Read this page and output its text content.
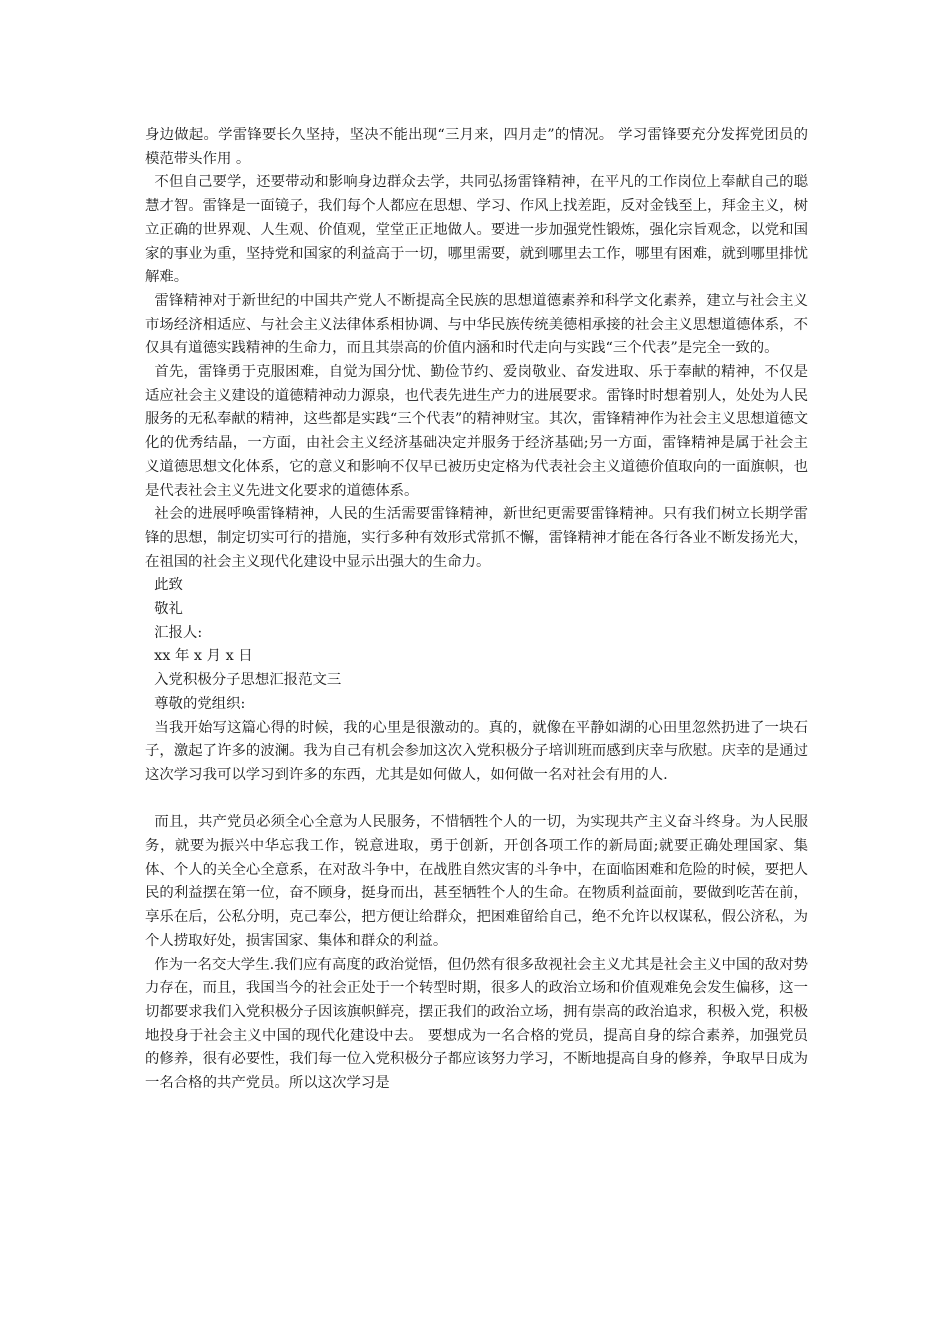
身边做起。学雷锋要长久坚持，坚决不能出现“三月来，四月走”的情况。 学习雷锋要充分发挥党团员的模范带头作用 。

不但自己要学，还要带动和影响身边群众去学，共同弘扬雷锋精神，在平凡的工作岗位上奉献自己的聪慧才智。雷锋是一面镜子，我们每个人都应在思想、学习、作风上找差距，反对金钱至上，拜金主义，树立正确的世界观、人生观、价值观，堂堂正正地做人。要进一步加强党性锻炼，强化宗旨观念，以党和国家的事业为重，坚持党和国家的利益高于一切，哪里需要，就到哪里去工作，哪里有困难，就到哪里排忧解难。

雷锋精神对于新世纪的中国共产党人不断提高全民族的思想道德素养和科学文化素养，建立与社会主义市场经济相适应、与社会主义法律体系相协调、与中华民族传统美德相承接的社会主义思想道德体系，不仅具有道德实践精神的生命力，而且其崇高的价值内涵和时代走向与实践“三个代表”是完全一致的。

首先，雷锋勇于克服困难，自觉为国分忧、勤俭节约、爱岗敬业、奋发进取、乐于奉献的精神，不仅是适应社会主义建设的道德精神动力源泉，也代表先进生产力的进展要求。雷锋时时想着别人，处处为人民服务的无私奉献的精神，这些都是实践“三个代表”的精神财宝。其次，雷锋精神作为社会主义思想道德文化的优秀结晶，一方面，由社会主义经济基础决定并服务于经济基础;另一方面，雷锋精神是属于社会主义道德思想文化体系，它的意义和影响不仅早已被历史定格为代表社会主义道德价值取向的一面旗帜，也是代表社会主义先进文化要求的道德体系。

社会的进展呼唤雷锋精神，人民的生活需要雷锋精神，新世纪更需要雷锋精神。只有我们树立长期学雷锋的思想，制定切实可行的措施，实行多种有效形式常抓不懈，雷锋精神才能在各行各业不断发扬光大，在祖国的社会主义现代化建设中显示出强大的生命力。

此致

敬礼

汇报人:

xx 年 x 月 x 日

入党积极分子思想汇报范文三

尊敬的党组织:

当我开始写这篇心得的时候，我的心里是很激动的。真的，就像在平静如湖的心田里忽然扔进了一块石子，激起了许多的波澜。我为自己有机会参加这次入党积极分子培训班而感到庆幸与欣慰。庆幸的是通过这次学习我可以学习到许多的东西，尤其是如何做人，如何做一名对社会有用的人.

而且，共产党员必须全心全意为人民服务，不惜牺牲个人的一切，为实现共产主义奋斗终身。为人民服务，就要为振兴中华忘我工作，锐意进取，勇于创新，开创各项工作的新局面;就要正确处理国家、集体、个人的关全心全意系，在对敌斗争中，在战胜自然灾害的斗争中，在面临困难和危险的时候，要把人民的利益摆在第一位，奋不顾身，挺身而出，甚至牺牲个人的生命。在物质利益面前，要做到吃苦在前，享乐在后，公私分明，克己奉公，把方便让给群众，把困难留给自己，绝不允许以权谋私，假公济私，为个人捞取好处，损害国家、集体和群众的利益。

作为一名交大学生.我们应有高度的政治觉悟，但仍然有很多敌视社会主义尤其是社会主义中国的敌对势力存在，而且，我国当今的社会正处于一个转型时期，很多人的政治立场和价值观难免会发生偏移，这一切都要求我们入党积极分子因该旗帜鲜亮，摆正我们的政治立场，拥有崇高的政治追求，积极入党，积极地投身于社会主义中国的现代化建设中去。 要想成为一名合格的党员，提高自身的综合素养，加强党员的修养，很有必要性，我们每一位入党积极分子都应该努力学习，不断地提高自身的修养，争取早日成为一名合格的共产党员。所以这次学习是
